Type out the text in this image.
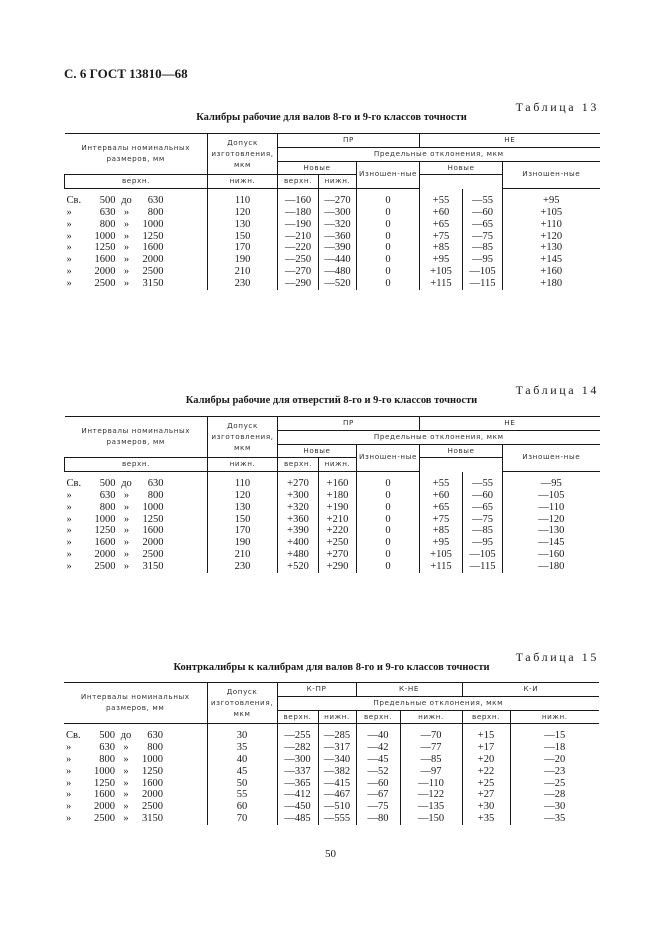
С. 6 ГОСТ 13810—68
Таблица 13
Калибры рабочие для валов 8-го и 9-го классов точности
Интервалы номинальных размеров, мм	Допуск изготовления, мкм	ПР			НЕ		
		Предельные отклонения, мкм					
		Новые		Изношен-ные	Новые		Изношен-ные
верхн.	нижн.	верхн.	нижн.				
Св. 500 до 630	110	—160	—270	0	+55	—55	+95
» 630 » 800	120	—180	—300	0	+60	—60	+105
» 800 » 1000	130	—190	—320	0	+65	—65	+110
» 1000 » 1250	150	—210	—360	0	+75	—75	+120
» 1250 » 1600	170	—220	—390	0	+85	—85	+130
» 1600 » 2000	190	—250	—440	0	+95	—95	+145
» 2000 » 2500	210	—270	—480	0	+105	—105	+160
» 2500 » 3150	230	—290	—520	0	+115	—115	+180
Таблица 14
Калибры рабочие для отверстий 8-го и 9-го классов точности
Интервалы номинальных размеров, мм	Допуск изготовления, мкм	ПР			НЕ		
		Предельные отклонения, мкм					
		Новые		Изношен-ные	Новые		Изношен-ные
верхн.	нижн.	верхн.	нижн.				
Св. 500 до 630	110	+270	+160	0	+55	—55	—95
» 630 » 800	120	+300	+180	0	+60	—60	—105
» 800 » 1000	130	+320	+190	0	+65	—65	—110
» 1000 » 1250	150	+360	+210	0	+75	—75	—120
» 1250 » 1600	170	+390	+220	0	+85	—85	—130
» 1600 » 2000	190	+400	+250	0	+95	—95	—145
» 2000 » 2500	210	+480	+270	0	+105	—105	—160
» 2500 » 3150	230	+520	+290	0	+115	—115	—180
Таблица 15
Контркалибры к калибрам для валов 8-го и 9-го классов точности
Интервалы номинальных размеров, мм	Допуск изготовления, мкм	К-ПР		К-НЕ		К-И	
		Предельные отклонения, мкм					
		верхн.	нижн.	верхн.	нижн.	верхн.	нижн.
Св. 500 до 630	30	—255	—285	—40	—70	+15	—15
» 630 » 800	35	—282	—317	—42	—77	+17	—18
» 800 » 1000	40	—300	—340	—45	—85	+20	—20
» 1000 » 1250	45	—337	—382	—52	—97	+22	—23
» 1250 » 1600	50	—365	—415	—60	—110	+25	—25
» 1600 » 2000	55	—412	—467	—67	—122	+27	—28
» 2000 » 2500	60	—450	—510	—75	—135	+30	—30
» 2500 » 3150	70	—485	—555	—80	—150	+35	—35
50
